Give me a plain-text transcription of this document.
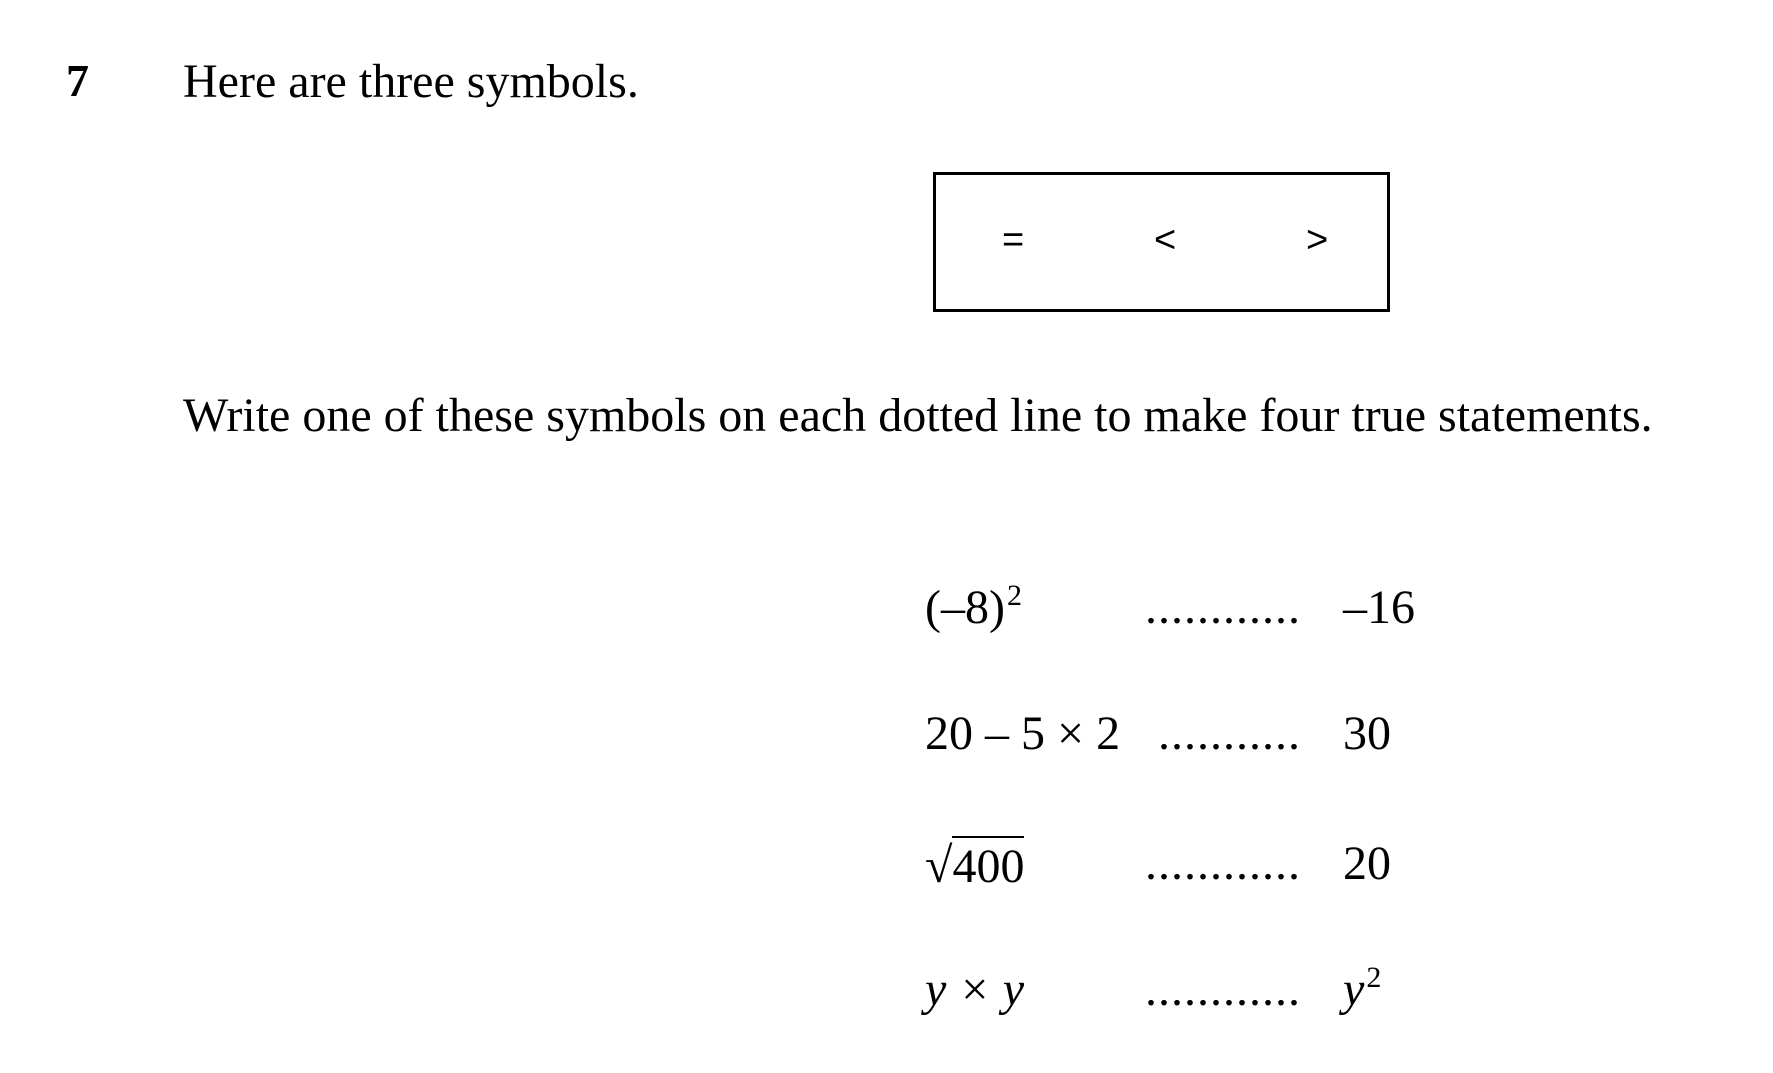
7 Here are three symbols.
=	<	>
Write one of these symbols on each dotted line to make four true statements.
$(-8)^2$	............ –16
20 – 5 × 2 ........... 30
√400	............ 20
y × y	............ $y^2$
